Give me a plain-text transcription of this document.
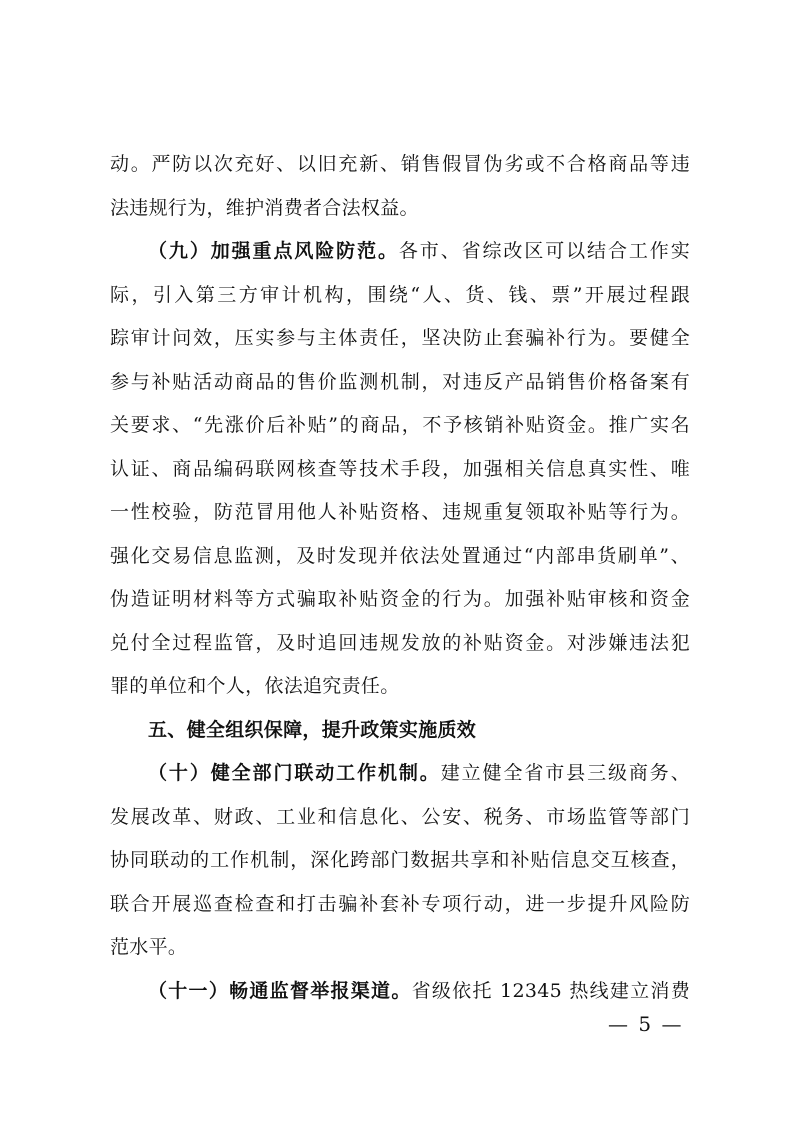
动。严防以次充好、以旧充新、销售假冒伪劣或不合格商品等违
法违规行为，维护消费者合法权益。
（九）加强重点风险防范。各市、省综改区可以结合工作实
际，引入第三方审计机构，围绕“人、货、钱、票”开展过程跟
踪审计问效，压实参与主体责任，坚决防止套骗补行为。要健全
参与补贴活动商品的售价监测机制，对违反产品销售价格备案有
关要求、“先涨价后补贴”的商品，不予核销补贴资金。推广实名
认证、商品编码联网核查等技术手段，加强相关信息真实性、唯
一性校验，防范冒用他人补贴资格、违规重复领取补贴等行为。
强化交易信息监测，及时发现并依法处置通过“内部串货刷单”、
伪造证明材料等方式骗取补贴资金的行为。加强补贴审核和资金
兑付全过程监管，及时追回违规发放的补贴资金。对涉嫌违法犯
罪的单位和个人，依法追究责任。
五、健全组织保障，提升政策实施质效
（十）健全部门联动工作机制。建立健全省市县三级商务、
发展改革、财政、工业和信息化、公安、税务、市场监管等部门
协同联动的工作机制，深化跨部门数据共享和补贴信息交互核查，
联合开展巡查检查和打击骗补套补专项行动，进一步提升风险防
范水平。
（十一）畅通监督举报渠道。省级依托 12345 热线建立消费
— 5 —
